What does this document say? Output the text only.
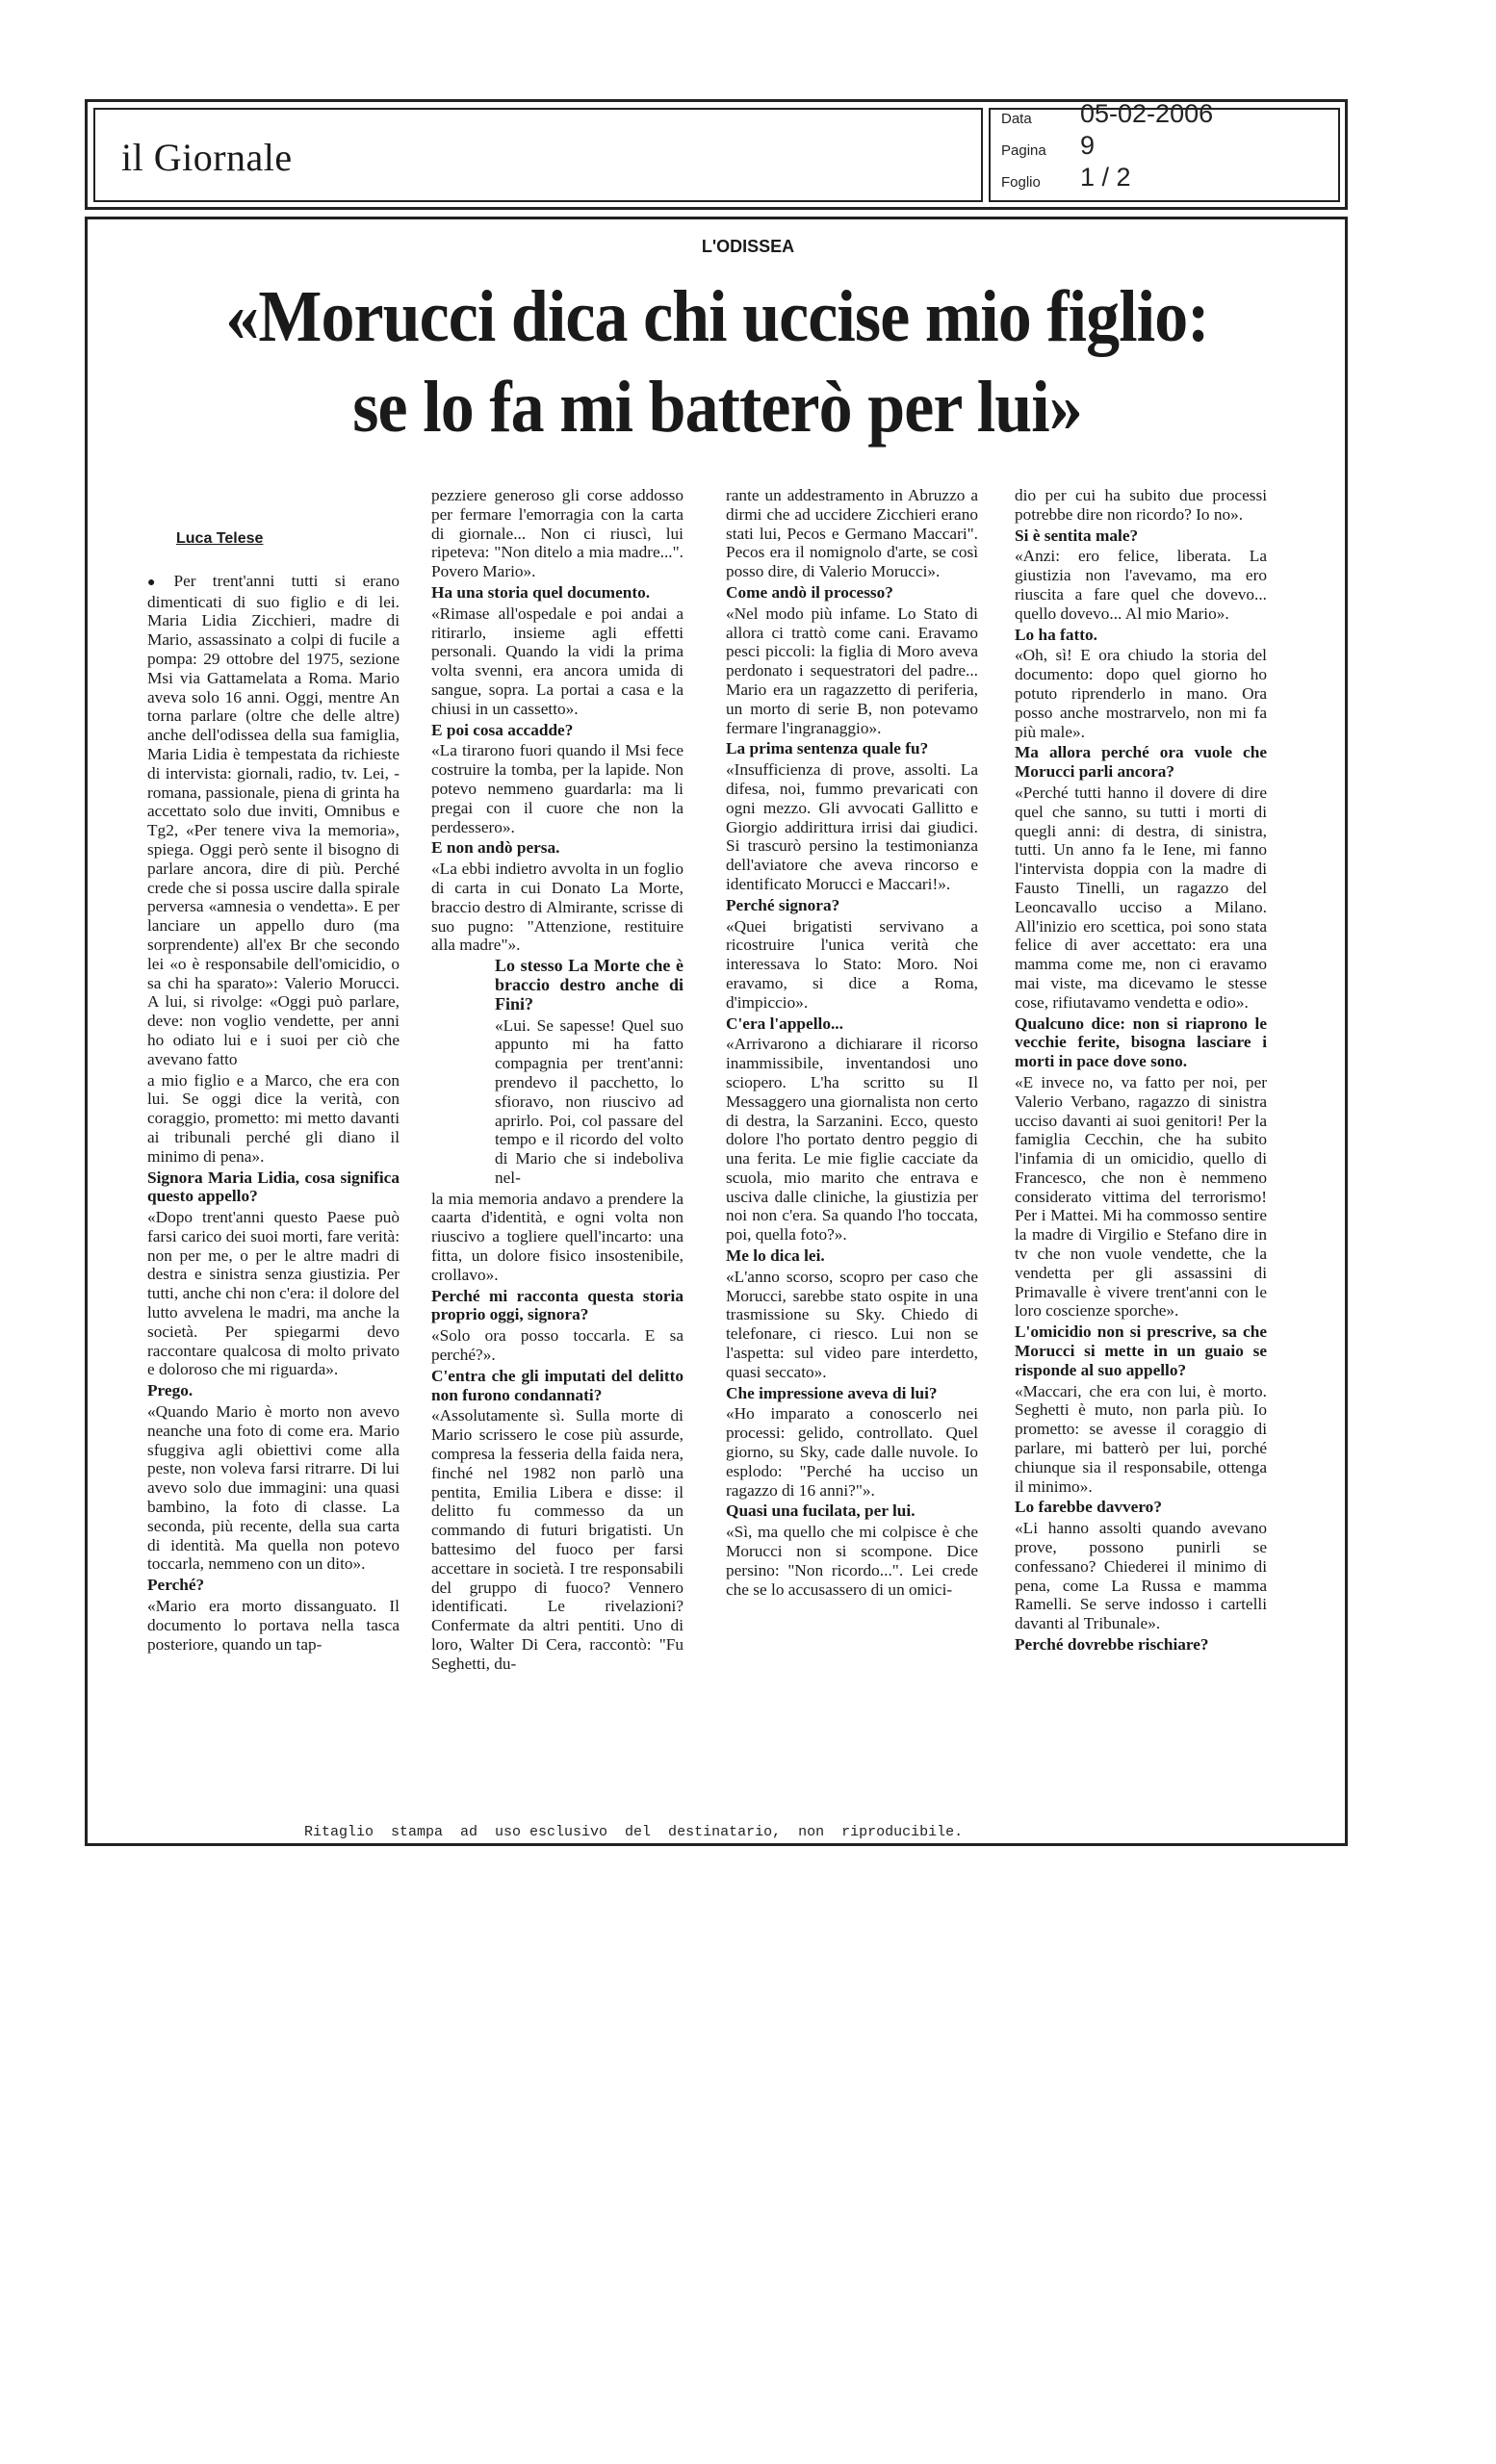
il Giornale
Data 05-02-2006
Pagina 9
Foglio 1 / 2
L'ODISSEA
«Morucci dica chi uccise mio figlio:
se lo fa mi batterò per lui»
Luca Telese

● Per trent'anni tutti si erano dimenticati di suo figlio e di lei. Maria Lidia Zicchieri, madre di Mario, assassinato a colpi di fucile a pompa: 29 ottobre del 1975, sezione Msi via Gattamelata a Roma. Mario aveva solo 16 anni. Oggi, mentre An torna parlare (oltre che delle altre) anche dell'odissea della sua famiglia, Maria Lidia è tempestata da richieste di intervista: giornali, radio, tv. Lei, - romana, passionale, piena di grinta ha accettato solo due inviti, Omnibus e Tg2, «Per tenere viva la memoria», spiega. Oggi però sente il bisogno di parlare ancora, dire di più. Perché crede che si possa uscire dalla spirale perversa «amnesia o vendetta». E per lanciare un appello duro (ma sorprendente) all'ex Br che secondo lei «o è responsabile dell'omicidio, o sa chi ha sparato»: Valerio Morucci. A lui, si rivolge: «Oggi può parlare, deve: non voglio vendette, per anni ho odiato lui e i suoi per ciò che avevano fatto

a mio figlio e a Marco, che era con lui. Se oggi dice la verità, con coraggio, prometto: mi metto davanti ai tribunali perché gli diano il minimo di pena».

Signora Maria Lidia, cosa significa questo appello?

«Dopo trent'anni questo Paese può farsi carico dei suoi morti, fare verità: non per me, o per le altre madri di destra e sinistra senza giustizia. Per tutti, anche chi non c'era: il dolore del lutto avvelena le madri, ma anche la società. Per spiegarmi devo raccontare qualcosa di molto privato e doloroso che mi riguarda».

Prego.

«Quando Mario è morto non avevo neanche una foto di come era. Mario sfuggiva agli obiettivi come alla peste, non voleva farsi ritrarre. Di lui avevo solo due immagini: una quasi bambino, la foto di classe. La seconda, più recente, della sua carta di identità. Ma quella non potevo toccarla, nemmeno con un dito».

Perché?

«Mario era morto dissanguato. Il documento lo portava nella tasca posteriore, quando un tap-

pezziere generoso gli corse addosso per fermare l'emorragia con la carta di giornale... Non ci riuscì, lui ripeteva: "Non ditelo a mia madre...". Povero Mario».

Ha una storia quel documento.

«Rimase all'ospedale e poi andai a ritirarlo, insieme agli effetti personali. Quando la vidi la prima volta svenni, era ancora umida di sangue, sopra. La portai a casa e la chiusi in un cassetto».

E poi cosa accadde?

«La tirarono fuori quando il Msi fece costruire la tomba, per la lapide. Non potevo nemmeno guardarla: ma li pregai con il cuore che non la perdessero».

E non andò persa.

«La ebbi indietro avvolta in un foglio di carta in cui Donato La Morte, braccio destro di Almirante, scrisse di suo pugno: "Attenzione, restituire alla madre"».

Lo stesso La Morte che è braccio destro anche di Fini?

«Lui. Se sapesse! Quel suo appunto mi ha fatto compagnia per trent'anni: prendevo il pacchetto, lo sfioravo, non riuscivo ad aprirlo. Poi, col passare del tempo e il ricordo del volto di Mario che si indeboliva nel-

la mia memoria andavo a prendere la caarta d'identità, e ogni volta non riuscivo a togliere quell'incarto: una fitta, un dolore fisico insostenibile, crollavo».

Perché mi racconta questa storia proprio oggi, signora?

«Solo ora posso toccarla. E sa perché?».

C'entra che gli imputati del delitto non furono condannati?

«Assolutamente sì. Sulla morte di Mario scrissero le cose più assurde, compresa la fesseria della faida nera, finché nel 1982 non parlò una pentita, Emilia Libera e disse: il delitto fu commesso da un commando di futuri brigatisti. Un battesimo del fuoco per farsi accettare in società. I tre responsabili del gruppo di fuoco? Vennero identificati. Le rivelazioni? Confermate da altri pentiti. Uno di loro, Walter Di Cera, raccontò: "Fu Seghetti, du-

rante un addestramento in Abruzzo a dirmi che ad uccidere Zicchieri erano stati lui, Pecos e Germano Maccari". Pecos era il nomignolo d'arte, se così posso dire, di Valerio Morucci».

Come andò il processo?

«Nel modo più infame. Lo Stato di allora ci trattò come cani. Eravamo pesci piccoli: la figlia di Moro aveva perdonato i sequestratori del padre... Mario era un ragazzetto di periferia, un morto di serie B, non potevamo fermare l'ingranaggio».

La prima sentenza quale fu?

«Insufficienza di prove, assolti. La difesa, noi, fummo prevaricati con ogni mezzo. Gli avvocati Gallitto e Giorgio addirittura irrisi dai giudici. Si trascurò persino la testimonianza dell'aviatore che aveva rincorso e identificato Morucci e Maccari!».

Perché signora?

«Quei brigatisti servivano a ricostruire l'unica verità che interessava lo Stato: Moro. Noi eravamo, si dice a Roma, d'impiccio».

C'era l'appello...

«Arrivarono a dichiarare il ricorso inammissibile, inventandosi uno sciopero. L'ha scritto su Il Messaggero una giornalista non certo di destra, la Sarzanini. Ecco, questo dolore l'ho portato dentro peggio di una ferita. Le mie figlie cacciate da scuola, mio marito che entrava e usciva dalle cliniche, la giustizia per noi non c'era. Sa quando l'ho toccata, poi, quella foto?».

Me lo dica lei.

«L'anno scorso, scopro per caso che Morucci, sarebbe stato ospite in una trasmissione su Sky. Chiedo di telefonare, ci riesco. Lui non se l'aspetta: sul video pare interdetto, quasi seccato».

Che impressione aveva di lui?

«Ho imparato a conoscerlo nei processi: gelido, controllato. Quel giorno, su Sky, cade dalle nuvole. Io esplodo: "Perché ha ucciso un ragazzo di 16 anni?"».

Quasi una fucilata, per lui.

«Sì, ma quello che mi colpisce è che Morucci non si scompone. Dice persino: "Non ricordo...". Lei crede che se lo accusassero di un omici-

dio per cui ha subito due processi potrebbe dire non ricordo? Io no».

Si è sentita male?

«Anzi: ero felice, liberata. La giustizia non l'avevamo, ma ero riuscita a fare quel che dovevo... quello dovevo... Al mio Mario».

Lo ha fatto.

«Oh, sì! E ora chiudo la storia del documento: dopo quel giorno ho potuto riprenderlo in mano. Ora posso anche mostrarvelo, non mi fa più male».

Ma allora perché ora vuole che Morucci parli ancora?

«Perché tutti hanno il dovere di dire quel che sanno, su tutti i morti di quegli anni: di destra, di sinistra, tutti. Un anno fa le Iene, mi fanno l'intervista doppia con la madre di Fausto Tinelli, un ragazzo del Leoncavallo ucciso a Milano. All'inizio ero scettica, poi sono stata felice di aver accettato: era una mamma come me, non ci eravamo mai viste, ma dicevamo le stesse cose, rifiutavamo vendetta e odio».

Qualcuno dice: non si riaprono le vecchie ferite, bisogna lasciare i morti in pace dove sono.

«E invece no, va fatto per noi, per Valerio Verbano, ragazzo di sinistra ucciso davanti ai suoi genitori! Per la famiglia Cecchin, che ha subito l'infamia di un omicidio, quello di Francesco, che non è nemmeno considerato vittima del terrorismo! Per i Mattei. Mi ha commosso sentire la madre di Virgilio e Stefano dire in tv che non vuole vendette, che la vendetta per gli assassini di Primavalle è vivere trent'anni con le loro coscienze sporche».

L'omicidio non si prescrive, sa che Morucci si mette in un guaio se risponde al suo appello?

«Maccari, che era con lui, è morto. Seghetti è muto, non parla più. Io prometto: se avesse il coraggio di parlare, mi batterò per lui, porché chiunque sia il responsabile, ottenga il minimo».

Lo farebbe davvero?

«Li hanno assolti quando avevano prove, possono punirli se confessano? Chiederei il minimo di pena, come La Russa e mamma Ramelli. Se serve indosso i cartelli davanti al Tribunale».

Perché dovrebbe rischiare?

Ritaglio  stampa  ad  uso esclusivo  del  destinatario,  non  riproducibile.
